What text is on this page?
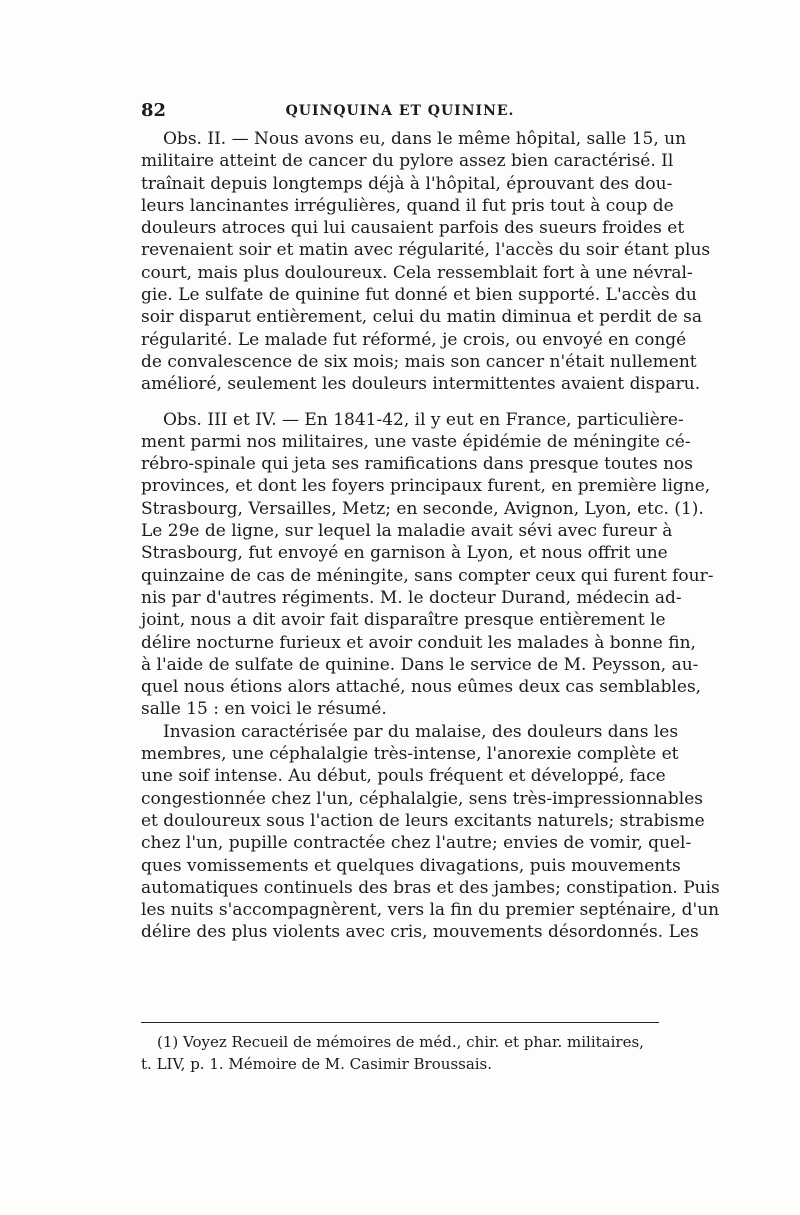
82	QUINQUINA ET QUININE.
Obs. II. — Nous avons eu, dans le même hôpital, salle 15, un
militaire atteint de cancer du pylore assez bien caractérisé. Il
traînait depuis longtemps déjà à l'hôpital, éprouvant des dou-
leurs lancinantes irrégulières, quand il fut pris tout à coup de
douleurs atroces qui lui causaient parfois des sueurs froides et
revenaient soir et matin avec régularité, l'accès du soir étant plus
court, mais plus douloureux. Cela ressemblait fort à une névral-
gie. Le sulfate de quinine fut donné et bien supporté. L'accès du
soir disparut entièrement, celui du matin diminua et perdit de sa
régularité. Le malade fut réformé, je crois, ou envoyé en congé
de convalescence de six mois; mais son cancer n'était nullement
amélioré, seulement les douleurs intermittentes avaient disparu.
Obs. III et IV. — En 1841-42, il y eut en France, particulière-
ment parmi nos militaires, une vaste épidémie de méningite cé-
rébro-spinale qui jeta ses ramifications dans presque toutes nos
provinces, et dont les foyers principaux furent, en première ligne,
Strasbourg, Versailles, Metz; en seconde, Avignon, Lyon, etc. (1).
Le 29e de ligne, sur lequel la maladie avait sévi avec fureur à
Strasbourg, fut envoyé en garnison à Lyon, et nous offrit une
quinzaine de cas de méningite, sans compter ceux qui furent four-
nis par d'autres régiments. M. le docteur Durand, médecin ad-
joint, nous a dit avoir fait disparaître presque entièrement le
délire nocturne furieux et avoir conduit les malades à bonne fin,
à l'aide de sulfate de quinine. Dans le service de M. Peysson, au-
quel nous étions alors attaché, nous eûmes deux cas semblables,
salle 15 : en voici le résumé.
Invasion caractérisée par du malaise, des douleurs dans les
membres, une céphalalgie très-intense, l'anorexie complète et
une soif intense. Au début, pouls fréquent et développé, face
congestionnée chez l'un, céphalalgie, sens très-impressionnables
et douloureux sous l'action de leurs excitants naturels; strabisme
chez l'un, pupille contractée chez l'autre; envies de vomir, quel-
ques vomissements et quelques divagations, puis mouvements
automatiques continuels des bras et des jambes; constipation. Puis
les nuits s'accompagnèrent, vers la fin du premier septénaire, d'un
délire des plus violents avec cris, mouvements désordonnés. Les
(1) Voyez Recueil de mémoires de méd., chir. et phar. militaires,
t. LIV, p. 1. Mémoire de M. Casimir Broussais.
